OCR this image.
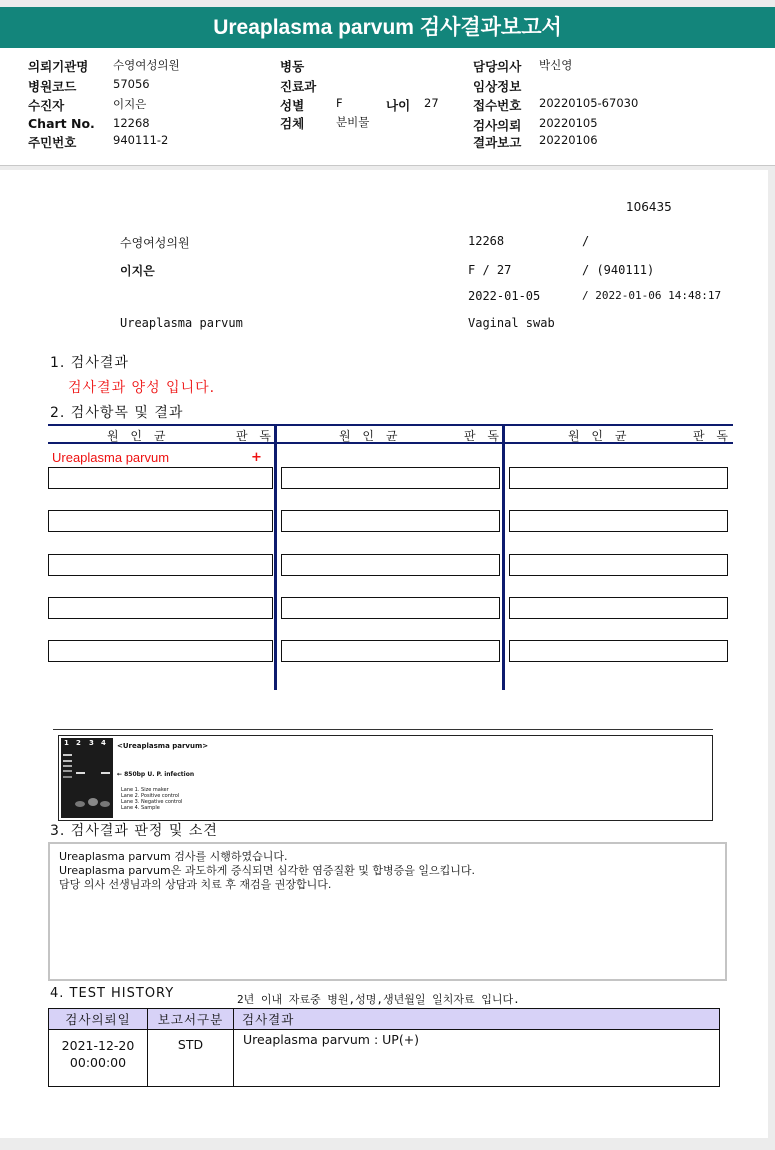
Ureaplasma parvum 검사결과보고서
의뢰기관명 수영여성의원
병원코드	57056
수진자	이지은
Chart No. 12268
주민번호	940111-2
병동
진료과
성별	F	나이 27
검체	분비물
담당의사 박신영
임상정보
접수번호 20220105-67030
검사의뢰 20220105
결과보고 20220106
106435
수영여성의원	12268	/
이지은	F / 27	/ (940111)
2022-01-05	/ 2022-01-06 14:48:17
Ureaplasma parvum	Vaginal swab
1. 검사결과
검사결과 양성 입니다.
2. 검사항목 및 결과
원 인 균	판 독	원 인 균	판 독	원 인 균	판 독
Ureaplasma parvum	+
1 2 3 4 <Ureaplasma parvum>
← 850bp U. P. infection
Lane 1. Size maker
Lane 2. Positive control
Lane 3. Negative control
Lane 4. Sample
3. 검사결과 판정 및 소견
Ureaplasma parvum 검사를 시행하였습니다.
Ureaplasma parvum은 과도하게 증식되면 심각한 염증질환 및 합병증을 일으킵니다.
담당 의사 선생님과의 상담과 치료 후 재검을 권장합니다.
4. TEST HISTORY	2년 이내 자료중 병원,성명,생년월일 일치자료 입니다.
검사의뢰일	보고서구분	검사결과

2021-12-20
00:00:00	STD	Ureaplasma parvum : UP(+)
